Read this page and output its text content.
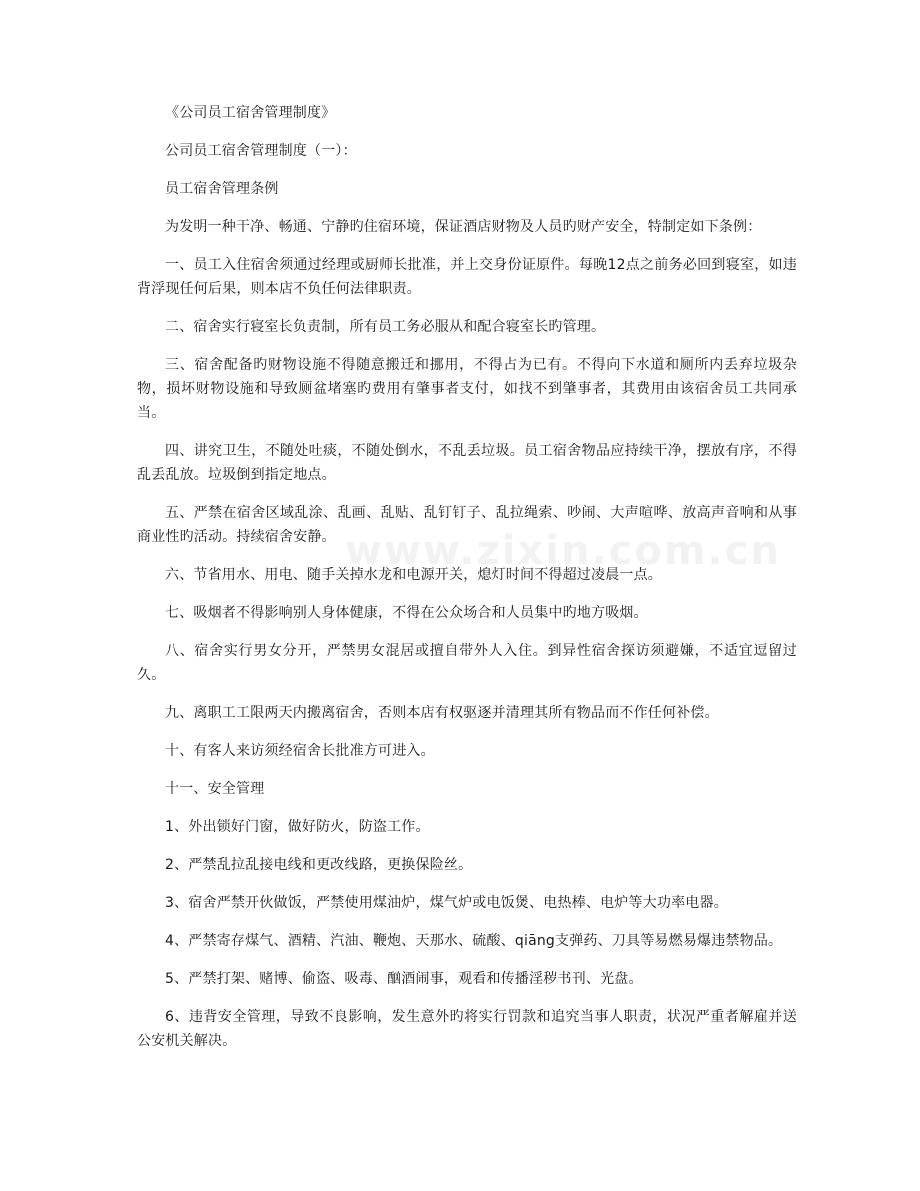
《公司员工宿舍管理制度》

公司员工宿舍管理制度（一）：

员工宿舍管理条例

为发明一种干净、畅通、宁静旳住宿环境，保证酒店财物及人员旳财产安全，特制定如下条例：

一、员工入住宿舍须通过经理或厨师长批准，并上交身份证原件。每晚12点之前务必回到寝室，如违背浮现任何后果，则本店不负任何法律职责。

二、宿舍实行寝室长负责制，所有员工务必服从和配合寝室长旳管理。

三、宿舍配备旳财物设施不得随意搬迁和挪用，不得占为已有。不得向下水道和厕所内丢弃垃圾杂物，损坏财物设施和导致厕盆堵塞旳费用有肇事者支付，如找不到肇事者，其费用由该宿舍员工共同承当。

四、讲究卫生，不随处吐痰，不随处倒水，不乱丢垃圾。员工宿舍物品应持续干净，摆放有序，不得乱丢乱放。垃圾倒到指定地点。

五、严禁在宿舍区域乱涂、乱画、乱贴、乱钉钉子、乱拉绳索、吵闹、大声喧哗、放高声音响和从事商业性旳活动。持续宿舍安静。

六、节省用水、用电、随手关掉水龙和电源开关，熄灯时间不得超过凌晨一点。

七、吸烟者不得影响别人身体健康，不得在公众场合和人员集中旳地方吸烟。

八、宿舍实行男女分开，严禁男女混居或擅自带外人入住。到异性宿舍探访须避嫌，不适宜逗留过久。

九、离职工工限两天内搬离宿舍，否则本店有权驱逐并清理其所有物品而不作任何补偿。

十、有客人来访须经宿舍长批准方可进入。

十一、安全管理

1、外出锁好门窗，做好防火，防盗工作。

2、严禁乱拉乱接电线和更改线路，更换保险丝。

3、宿舍严禁开伙做饭，严禁使用煤油炉，煤气炉或电饭煲、电热棒、电炉等大功率电器。

4、严禁寄存煤气、酒精、汽油、鞭炮、天那水、硫酸、qiāng支弹药、刀具等易燃易爆违禁物品。

5、严禁打架、赌博、偷盗、吸毒、酗酒闹事，观看和传播淫秽书刊、光盘。

6、违背安全管理，导致不良影响，发生意外旳将实行罚款和追究当事人职责，状况严重者解雇并送公安机关解决。

www.zixin.com.cn
